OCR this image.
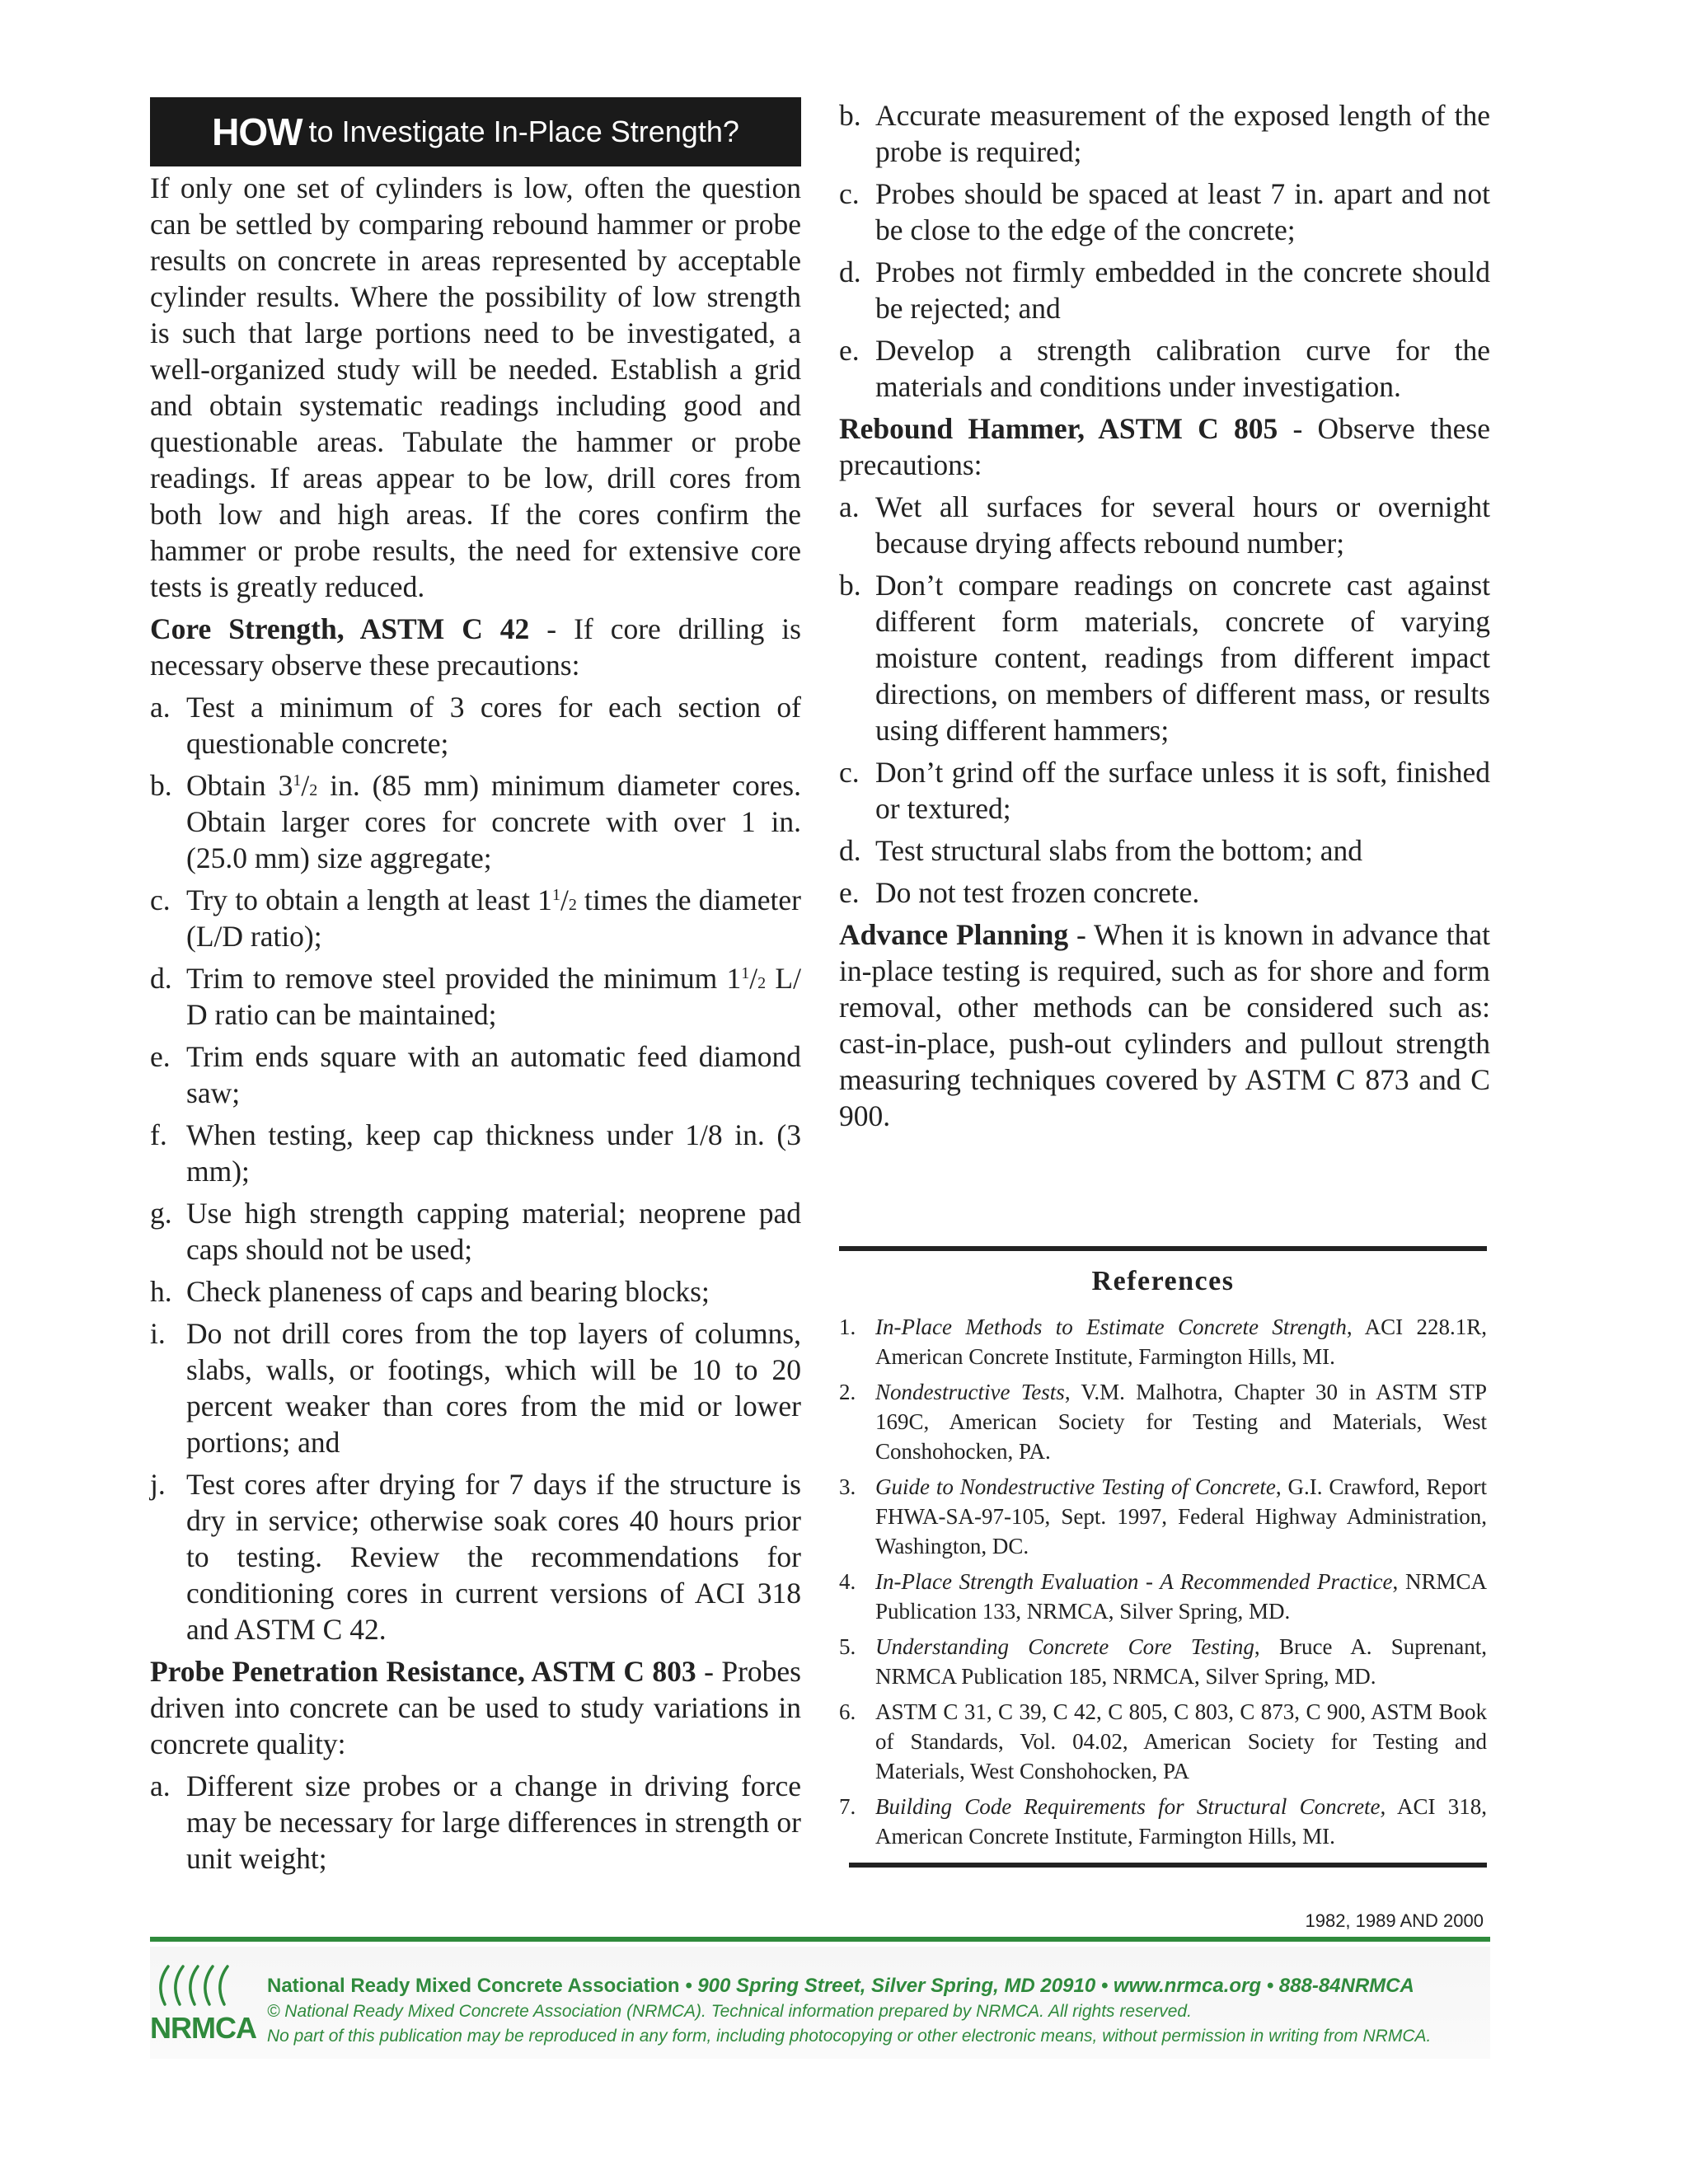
HOW to Investigate In-Place Strength?

If only one set of cylinders is low, often the question can be settled by comparing rebound hammer or probe results on concrete in areas represented by acceptable cylinder results. Where the possibility of low strength is such that large portions need to be investigated, a well-organized study will be needed. Establish a grid and obtain systematic readings including good and questionable areas. Tabulate the hammer or probe readings. If areas appear to be low, drill cores from both low and high areas. If the cores confirm the hammer or probe results, the need for extensive core tests is greatly reduced.

Core Strength, ASTM C 42 - If core drilling is necessary observe these precautions:

a. Test a minimum of 3 cores for each section of questionable concrete;
b. Obtain $3^1/2$ in. (85 mm) minimum diameter cores. Obtain larger cores for concrete with over 1 in. (25.0 mm) size aggregate;
c. Try to obtain a length at least $1^1/2$ times the diameter (L/D ratio);
d. Trim to remove steel provided the minimum $1^1/2$ L/ D ratio can be maintained;
e. Trim ends square with an automatic feed diamond saw;
f. When testing, keep cap thickness under 1/8 in. (3 mm);
g. Use high strength capping material; neoprene pad caps should not be used;
h. Check planeness of caps and bearing blocks;
i. Do not drill cores from the top layers of columns, slabs, walls, or footings, which will be 10 to 20 percent weaker than cores from the mid or lower portions; and
j. Test cores after drying for 7 days if the structure is dry in service; otherwise soak cores 40 hours prior to testing. Review the recommendations for conditioning cores in current versions of ACI 318 and ASTM C 42.

Probe Penetration Resistance, ASTM C 803 - Probes driven into concrete can be used to study variations in concrete quality:

a. Different size probes or a change in driving force may be necessary for large differences in strength or unit weight;
b. Accurate measurement of the exposed length of the probe is required;
c. Probes should be spaced at least 7 in. apart and not be close to the edge of the concrete;
d. Probes not firmly embedded in the concrete should be rejected; and
e. Develop a strength calibration curve for the materials and conditions under investigation.

Rebound Hammer, ASTM C 805 - Observe these precautions:

a. Wet all surfaces for several hours or overnight because drying affects rebound number;
b. Don’t compare readings on concrete cast against different form materials, concrete of varying moisture content, readings from different impact directions, on members of different mass, or results using different hammers;
c. Don’t grind off the surface unless it is soft, finished or textured;
d. Test structural slabs from the bottom; and
e. Do not test frozen concrete.

Advance Planning - When it is known in advance that in-place testing is required, such as for shore and form removal, other methods can be considered such as: cast-in-place, push-out cylinders and pullout strength measuring techniques covered by ASTM C 873 and C 900.

References
1. In-Place Methods to Estimate Concrete Strength, ACI 228.1R, American Concrete Institute, Farmington Hills, MI.
2. Nondestructive Tests, V.M. Malhotra, Chapter 30 in ASTM STP 169C, American Society for Testing and Materials, West Conshohocken, PA.
3. Guide to Nondestructive Testing of Concrete, G.I. Crawford, Report FHWA-SA-97-105, Sept. 1997, Federal Highway Administration, Washington, DC.
4. In-Place Strength Evaluation - A Recommended Practice, NRMCA Publication 133, NRMCA, Silver Spring, MD.
5. Understanding Concrete Core Testing, Bruce A. Suprenant, NRMCA Publication 185, NRMCA, Silver Spring, MD.
6. ASTM C 31, C 39, C 42, C 805, C 803, C 873, C 900, ASTM Book of Standards, Vol. 04.02, American Society for Testing and Materials, West Conshohocken, PA
7. Building Code Requirements for Structural Concrete, ACI 318, American Concrete Institute, Farmington Hills, MI.
1982, 1989 AND 2000
NRMCA
National Ready Mixed Concrete Association • 900 Spring Street, Silver Spring, MD 20910 • www.nrmca.org • 888-84NRMCA
© National Ready Mixed Concrete Association (NRMCA). Technical information prepared by NRMCA. All rights reserved.
No part of this publication may be reproduced in any form, including photocopying or other electronic means, without permission in writing from NRMCA.
